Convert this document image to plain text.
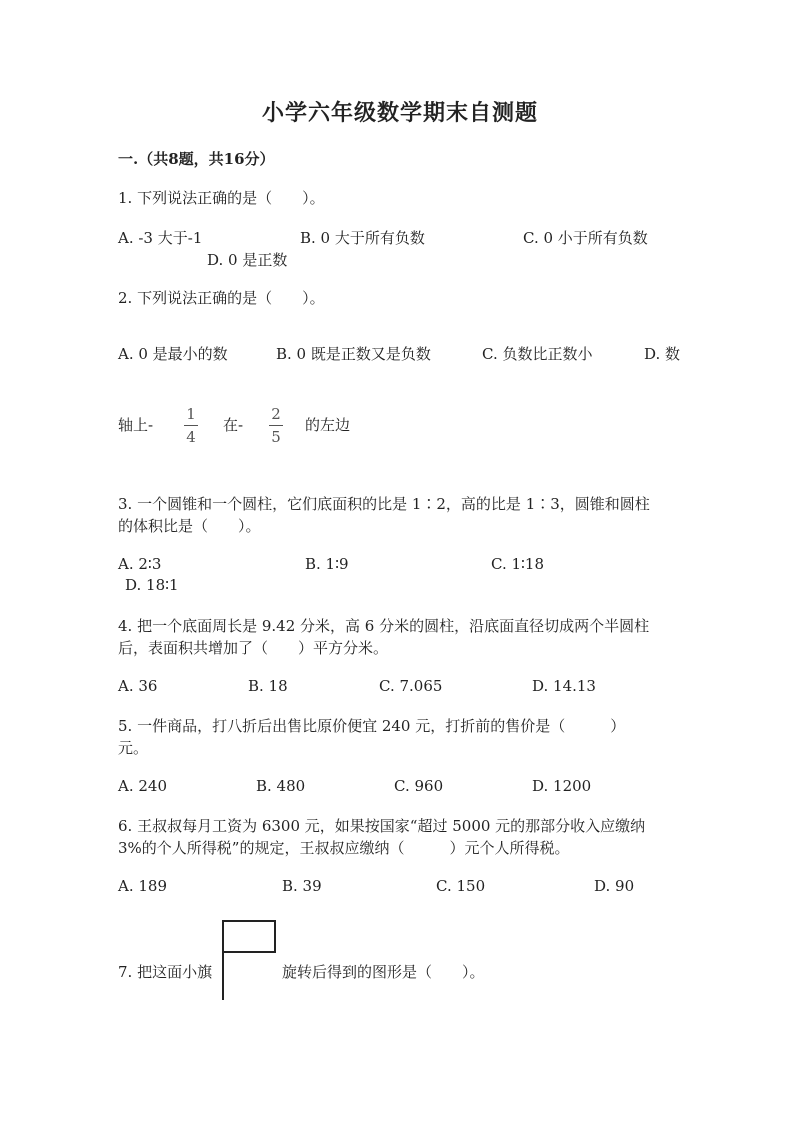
小学六年级数学期末自测题
一.（共8题，共16分）
1. 下列说法正确的是（　　）。
A. -3 大于-1	B. 0 大于所有负数	C. 0 小于所有负数
D. 0 是正数
2. 下列说法正确的是（　　）。
A. 0 是最小的数	B. 0 既是正数又是负数	C. 负数比正数小	D. 数
轴上-
1
4
在-
2
5
的左边
3. 一个圆锥和一个圆柱，它们底面积的比是 1∶2，高的比是 1∶3，圆锥和圆柱
的体积比是（　　）。
A. 2∶3	B. 1∶9	C. 1∶18
D. 18∶1
4. 把一个底面周长是 9.42 分米，高 6 分米的圆柱，沿底面直径切成两个半圆柱
后，表面积共增加了（　　）平方分米。
A. 36	B. 18	C. 7.065	D. 14.13
5. 一件商品，打八折后出售比原价便宜 240 元，打折前的售价是（　　　）
元。
A. 240	B. 480	C. 960	D. 1200
6. 王叔叔每月工资为 6300 元，如果按国家“超过 5000 元的那部分收入应缴纳
3%的个人所得税”的规定，王叔叔应缴纳（　　　）元个人所得税。
A. 189	B. 39	C. 150	D. 90
7. 把这面小旗	旋转后得到的图形是（　　）。
